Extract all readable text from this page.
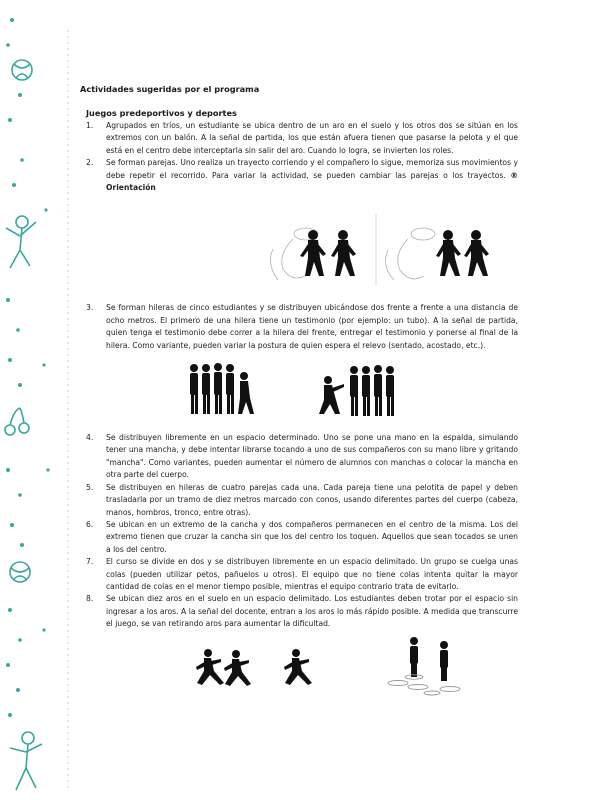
Actividades sugeridas por el programa
Juegos predeportivos y deportes
1. Agrupados en tríos, un estudiante se ubica dentro de un aro en el suelo y los otros dos se sitúan en los extremos con un balón. A la señal de partida, los que están afuera tienen que pasarse la pelota y el que está en el centro debe interceptarla sin salir del aro. Cuando lo logra, se invierten los roles.
2. Se forman parejas. Uno realiza un trayecto corriendo y el compañero lo sigue, memoriza sus movimientos y debe repetir el recorrido. Para variar la actividad, se pueden cambiar las parejas o los trayectos. ® Orientación
3. Se forman hileras de cinco estudiantes y se distribuyen ubicándose dos frente a frente a una distancia de ocho metros. El primero de una hilera tiene un testimonio (por ejemplo: un tubo). A la señal de partida, quien tenga el testimonio debe correr a la hilera del frente, entregar el testimonio y ponerse al final de la hilera. Como variante, pueden variar la postura de quien espera el relevo (sentado, acostado, etc.).
4. Se distribuyen libremente en un espacio determinado. Uno se pone una mano en la espalda, simulando tener una mancha, y debe intentar librarse tocando a uno de sus compañeros con su mano libre y gritando "mancha". Como variantes, pueden aumentar el número de alumnos con manchas o colocar la mancha en otra parte del cuerpo.
5. Se distribuyen en hileras de cuatro parejas cada una. Cada pareja tiene una pelotita de papel y deben trasladarla por un tramo de diez metros marcado con conos, usando diferentes partes del cuerpo (cabeza, manos, hombros, tronco, entre otras).
6. Se ubican en un extremo de la cancha y dos compañeros permanecen en el centro de la misma. Los del extremo tienen que cruzar la cancha sin que los del centro los toquen. Aquellos que sean tocados se unen a los del centro.
7. El curso se divide en dos y se distribuyen libremente en un espacio delimitado. Un grupo se cuelga unas colas (pueden utilizar petos, pañuelos u otros). El equipo que no tiene colas intenta quitar la mayor cantidad de colas en el menor tiempo posible, mientras el equipo contrario trata de evitarlo.
8. Se ubican diez aros en el suelo en un espacio delimitado. Los estudiantes deben trotar por el espacio sin ingresar a los aros. A la señal del docente, entran a los aros lo más rápido posible. A medida que transcurre el juego, se van retirando aros para aumentar la dificultad.
